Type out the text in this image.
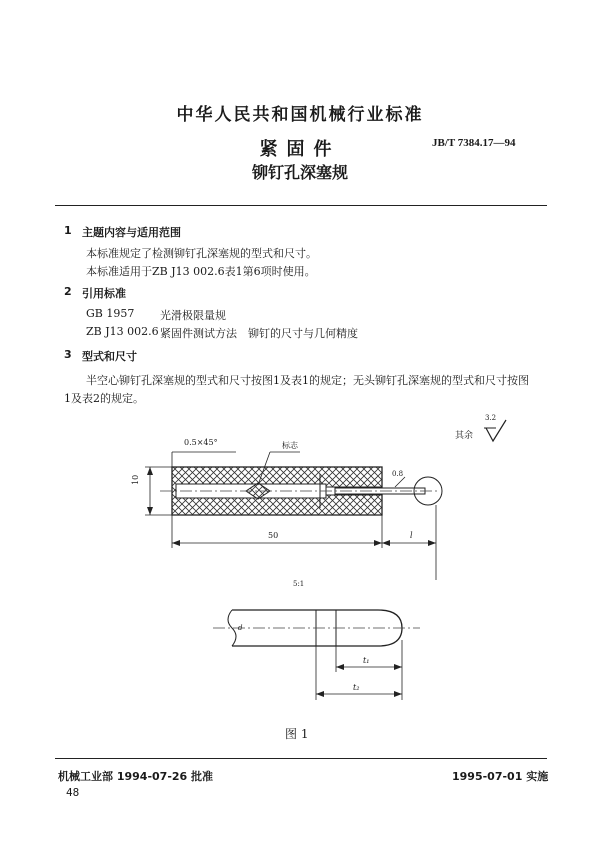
中华人民共和国机械行业标准
JB/T 7384.17—94
紧固件
铆钉孔深塞规
1 主题内容与适用范围
本标准规定了检测铆钉孔深塞规的型式和尺寸。
本标准适用于ZB J13 002.6表1第6项时使用。
2 引用标准
GB 1957 光滑极限量规
ZB J13 002.6 紧固件测试方法　铆钉的尺寸与几何精度
3 型式和尺寸
半空心铆钉孔深塞规的型式和尺寸按图1及表1的规定；无头铆钉孔深塞规的型式和尺寸按图1及表2的规定。
其余
3.2
0.5×45°	标志
0.8
10
50	l
5:1
d
t₁
t₂
图 1
机械工业部 1994-07-26 批准	1995-07-01 实施
48
